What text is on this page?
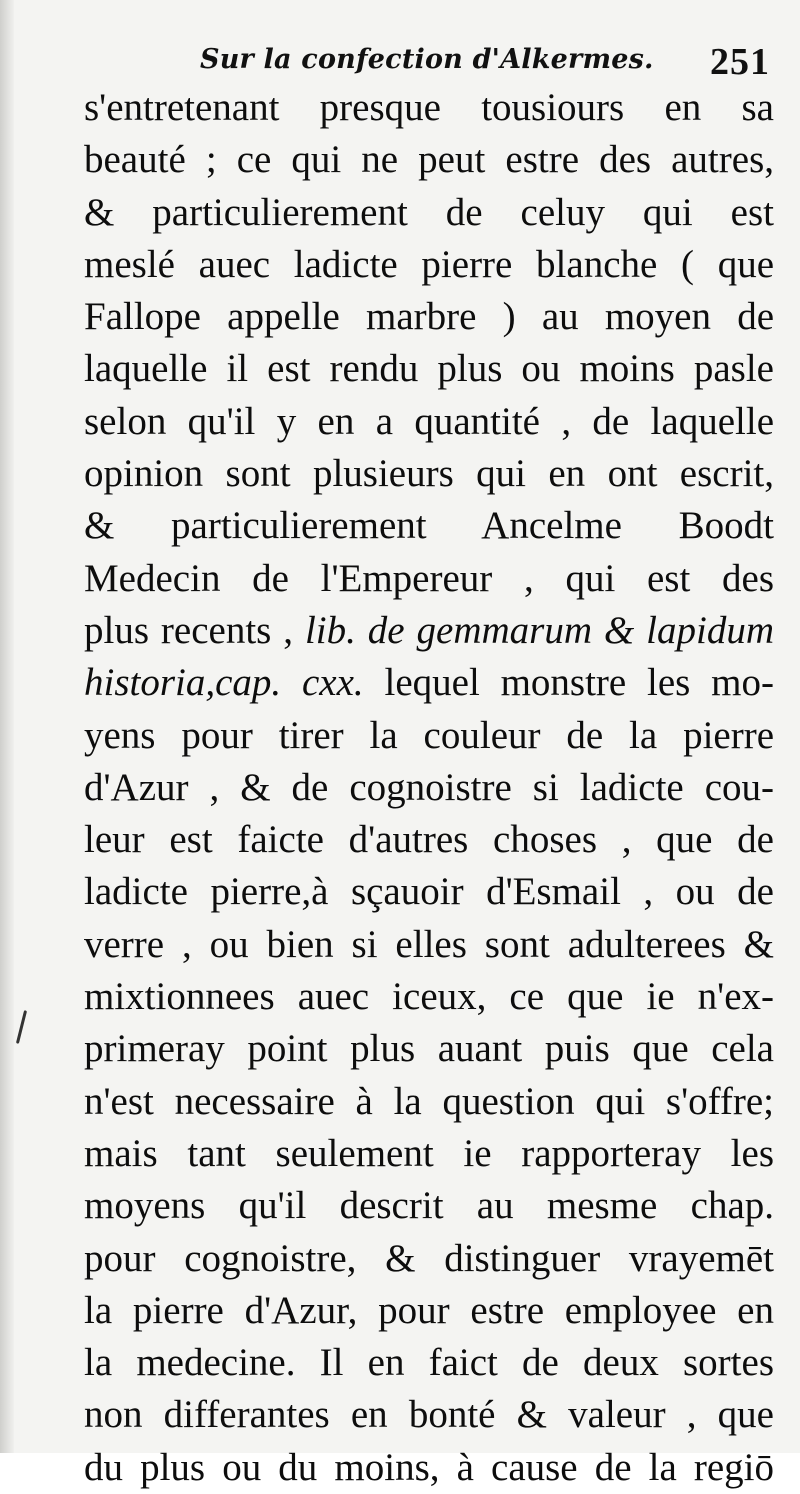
Sur la confection d'Alkermes. 251
s'entretenant presque tousiours en sa
beauté ; ce qui ne peut estre des autres,
& particulierement de celuy qui est
meslé auec ladicte pierre blanche ( que
Fallope appelle marbre ) au moyen de
laquelle il est rendu plus ou moins pasle
selon qu'il y en a quantité , de laquelle
opinion sont plusieurs qui en ont escrit,
& particulierement Ancelme Boodt
Medecin de l'Empereur , qui est des
plus recents , lib. de gemmarum & lapidum
historia,cap. cxx. lequel monstre les mo-
yens pour tirer la couleur de la pierre
d'Azur , & de cognoistre si ladicte cou-
leur est faicte d'autres choses , que de
ladicte pierre,à sçauoir d'Esmail , ou de
verre , ou bien si elles sont adulterees &
mixtionnees auec iceux, ce que ie n'ex-
primeray point plus auant puis que cela
n'est necessaire à la question qui s'offre;
mais tant seulement ie rapporteray les
moyens qu'il descrit au mesme chap.
pour cognoistre, & distinguer vrayemēt
la pierre d'Azur, pour estre employee en
la medecine. Il en faict de deux sortes
non differantes en bonté & valeur , que
du plus ou du moins, à cause de la regiō
